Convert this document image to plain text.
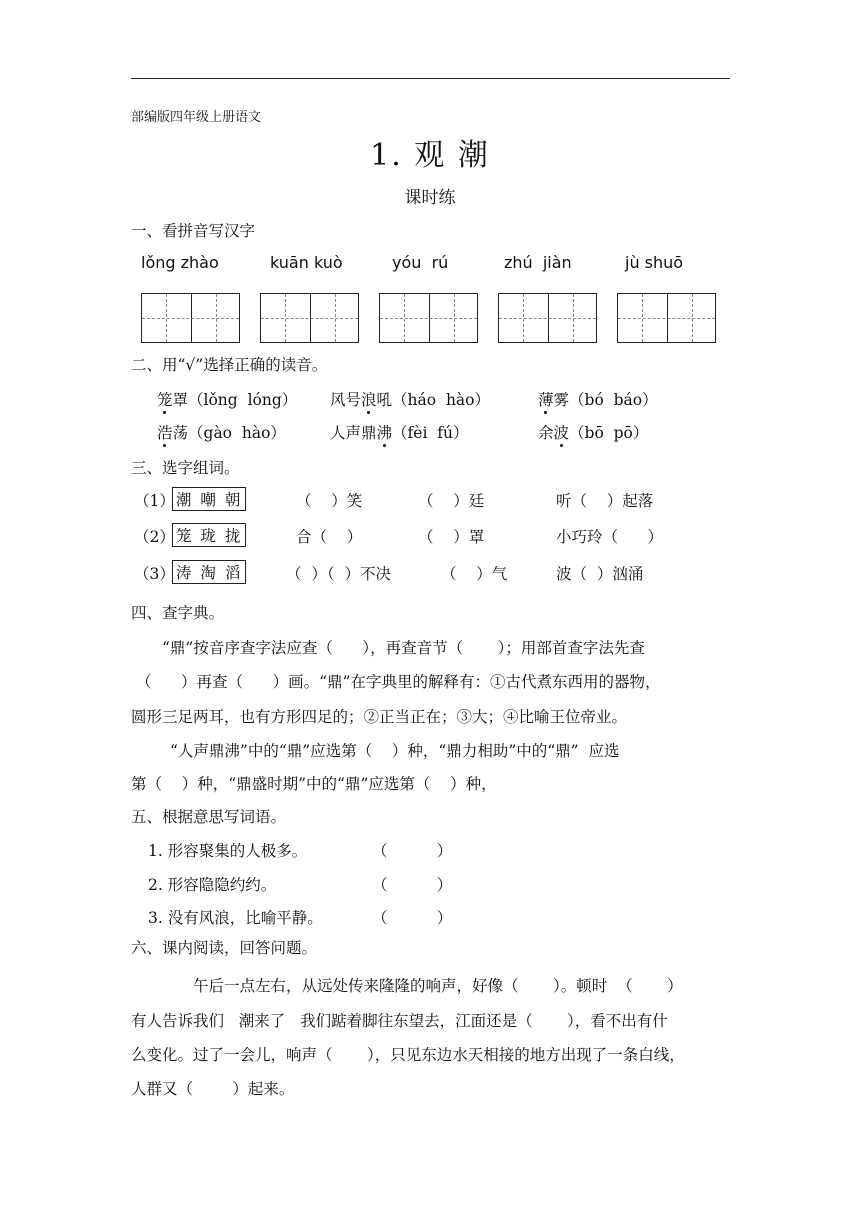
部编版四年级上册语文
1. 观 潮
课时练
一、看拼音写汉字
lǒng zhào	kuān kuò	yóu  rú	zhú  jiàn	jù shuō
二、用“√”选择正确的读音。
笼罩（lǒng  lóng） 风号浪吼（háo  hào）	薄雾（bó  báo）
浩荡（gào  hào）	人声鼎沸（fèi  fú）	余波（bō  pō）
三、选字组词。
（1） 潮 嘲 朝	（    ）笑	（    ）廷	听（    ）起落
（2） 笼 珑 拢	合（    ）	（    ）罩	小巧玲（      ）
（3） 涛 淘 滔	（  ）（  ）不决	（    ）气	波（  ）汹涌
四、查字典。
“鼎”按音序查字法应查（      ），再查音节（       ）；用部首查字法先查
（      ）再查（      ）画。“鼎”在字典里的解释有：①古代煮东西用的器物，
圆形三足两耳，也有方形四足的；②正当正在；③大；④比喻王位帝业。
“人声鼎沸”中的“鼎”应选第（    ）种，“鼎力相助”中的“鼎”  应选
第（    ）种，“鼎盛时期”中的“鼎”应选第（    ）种，
五、根据意思写词语。
1. 形容聚集的人极多。	（          ）
2. 形容隐隐约约。	（          ）
3. 没有风浪，比喻平静。	（          ）
六、课内阅读，回答问题。
午后一点左右，从远处传来隆隆的响声，好像（       ）。顿时  （       ）
有人告诉我们   潮来了   我们踮着脚往东望去，江面还是（       ），看不出有什
么变化。过了一会儿，响声（       ），只见东边水天相接的地方出现了一条白线，
人群又（        ）起来。
